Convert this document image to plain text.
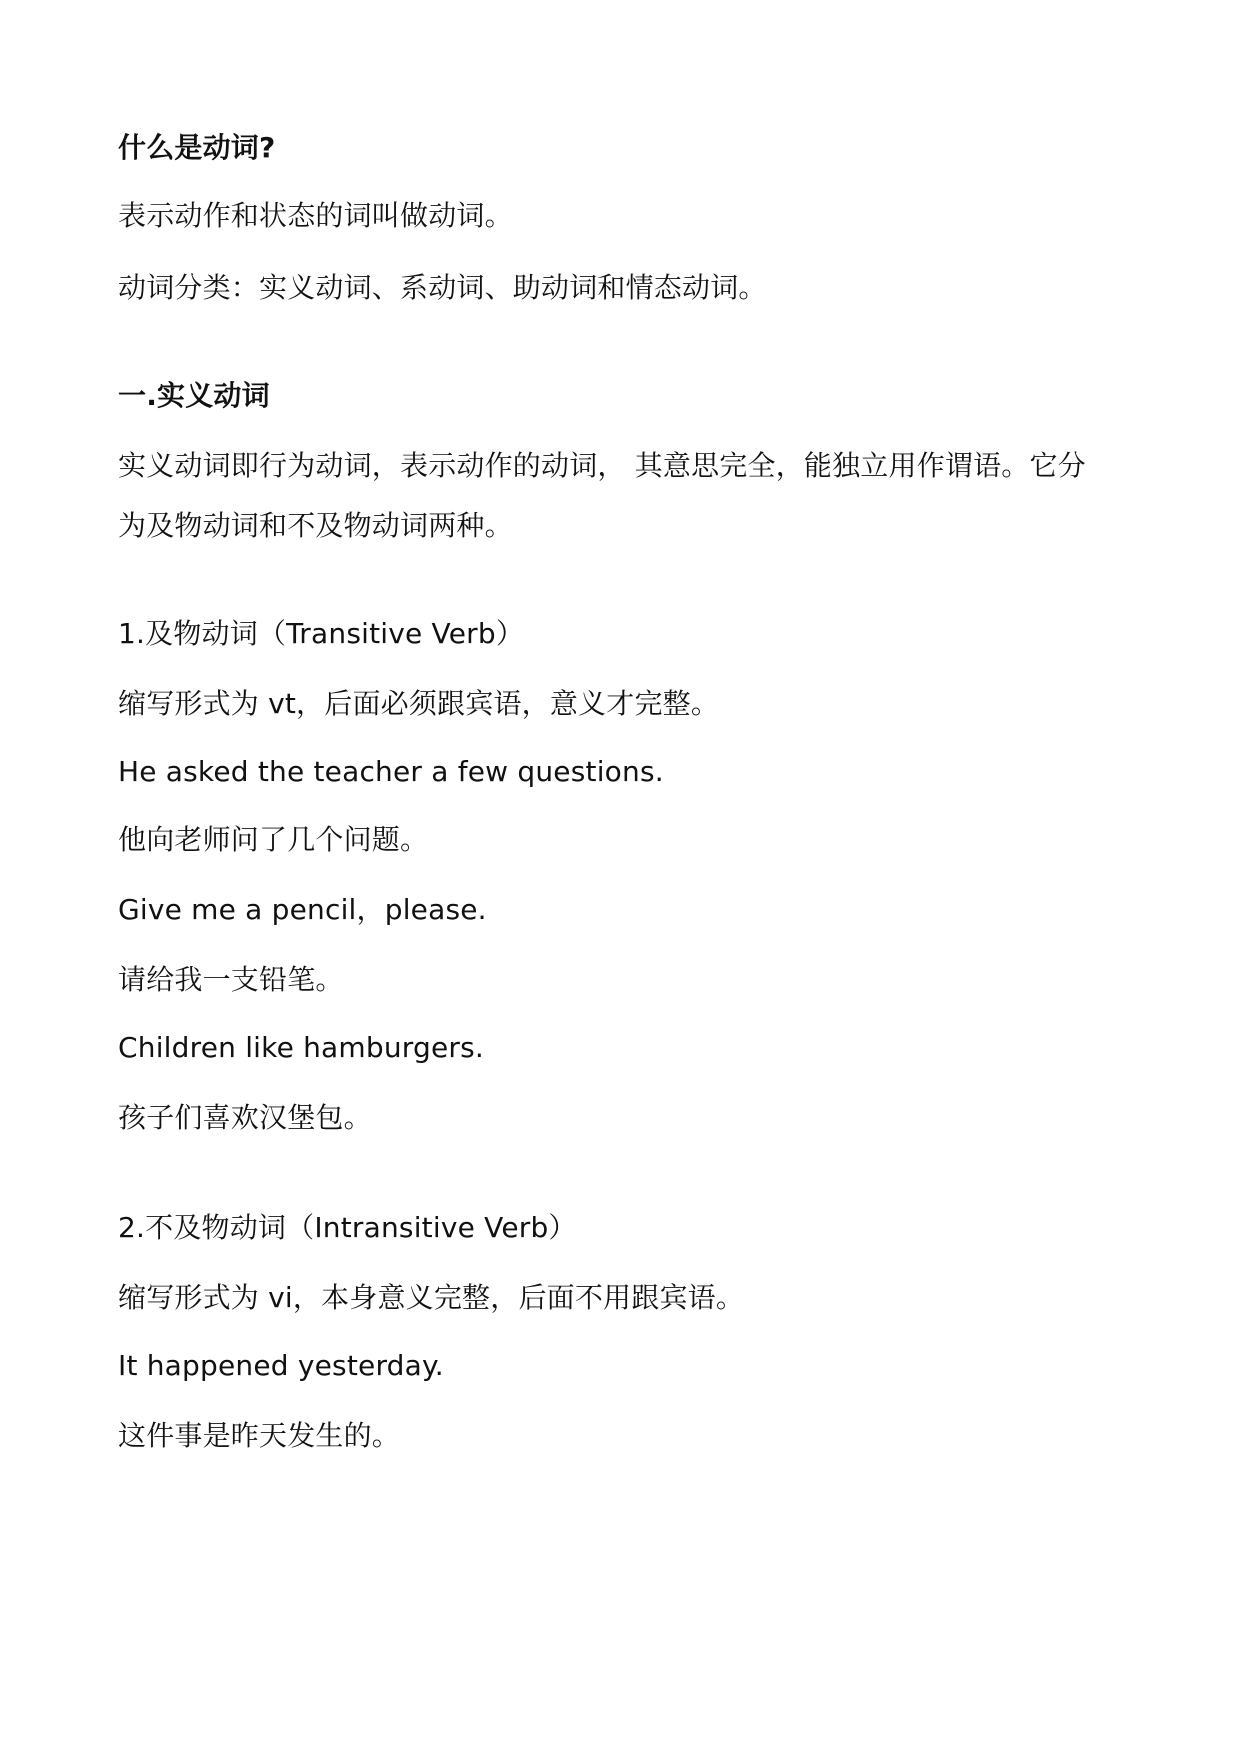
什么是动词?
表示动作和状态的词叫做动词。
动词分类：实义动词、系动词、助动词和情态动词。
一.实义动词
实义动词即行为动词，表示动作的动词， 其意思完全，能独立用作谓语。它分
为及物动词和不及物动词两种。
1.及物动词（Transitive Verb）
缩写形式为 vt，后面必须跟宾语，意义才完整。
He asked the teacher a few questions.
他向老师问了几个问题。
Give me a pencil，please.
请给我一支铅笔。
Children like hamburgers.
孩子们喜欢汉堡包。
2.不及物动词（Intransitive Verb）
缩写形式为 vi，本身意义完整，后面不用跟宾语。
It happened yesterday.
这件事是昨天发生的。
